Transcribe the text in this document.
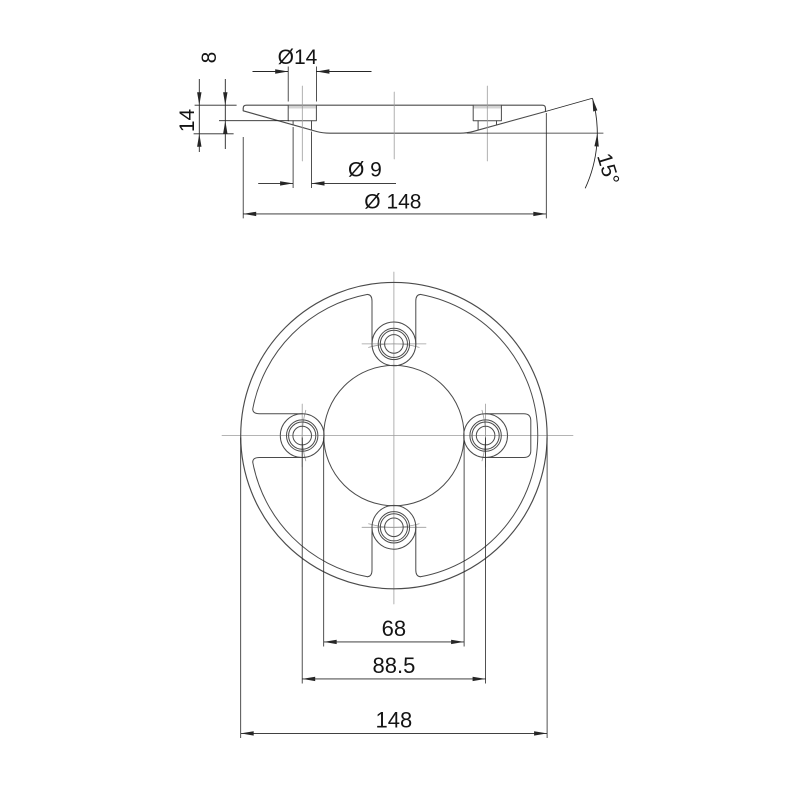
Ø14
8
14
Ø 9
Ø 148
15°
68
88.5
148
